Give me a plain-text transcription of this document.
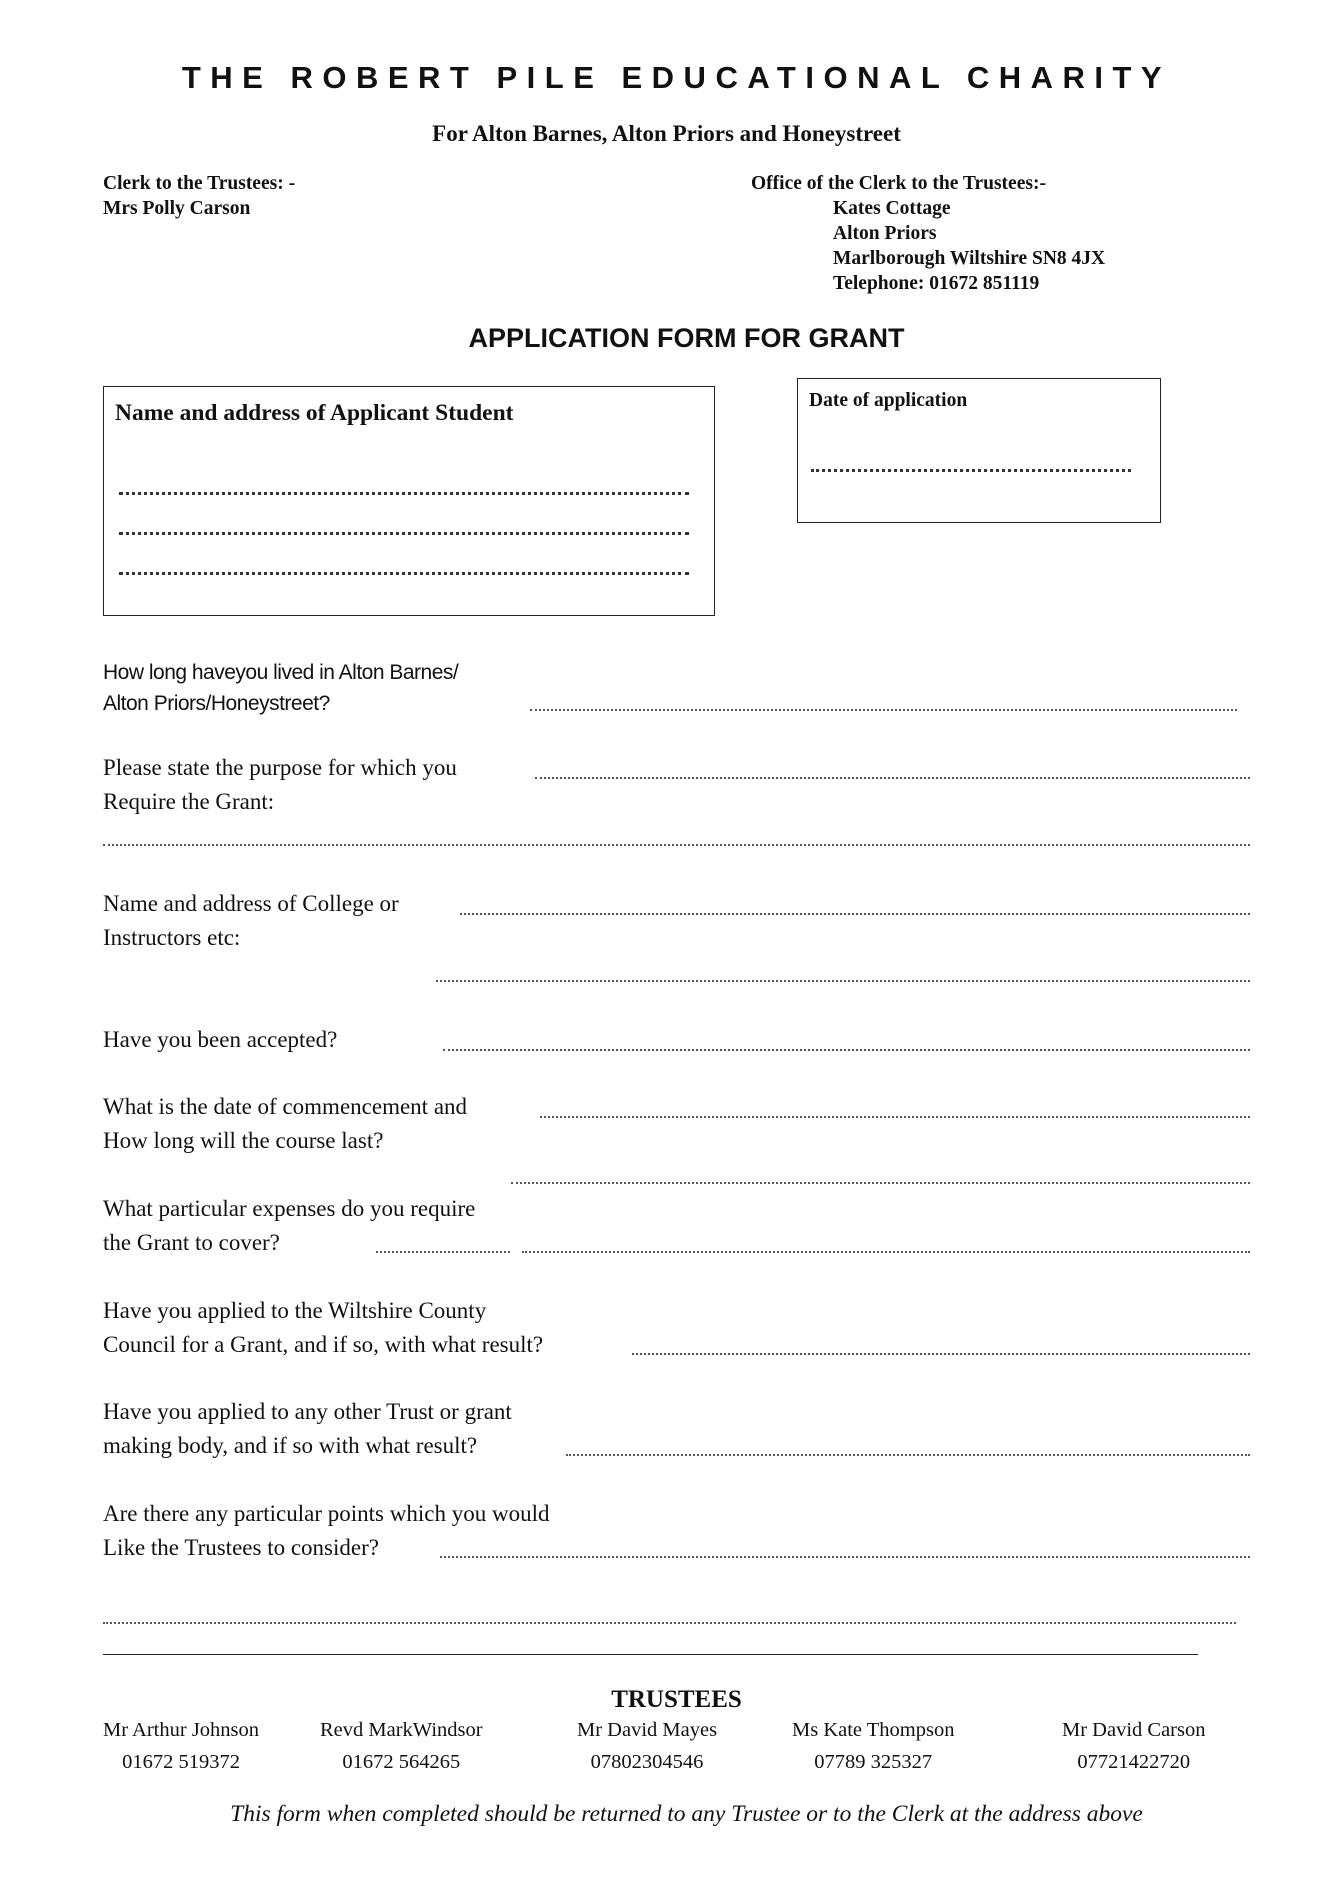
THE ROBERT PILE EDUCATIONAL CHARITY
For Alton Barnes, Alton Priors and Honeystreet
Clerk to the Trustees: -
Mrs Polly Carson
Office of the Clerk to the Trustees:-
Kates Cottage
Alton Priors
Marlborough Wiltshire SN8 4JX
Telephone: 01672 851119
APPLICATION FORM FOR GRANT
Name and address of Applicant Student	Date of application
How long haveyou lived in Alton Barnes/
Alton Priors/Honeystreet?
Please state the purpose for which you
Require the Grant:
Name and address of College or
Instructors etc:
Have you been accepted?
What is the date of commencement and
How long will the course last?
What particular expenses do you require
the Grant to cover?
Have you applied to the Wiltshire County
Council for a Grant, and if so, with what result?
Have you applied to any other Trust or grant
making body, and if so with what result?
Are there any particular points which you would
Like the Trustees to consider?
TRUSTEES
Mr Arthur Johnson
01672 519372
Revd MarkWindsor
01672 564265
Mr David Mayes
07802304546
Ms Kate Thompson
07789 325327
Mr David Carson
07721422720
This form when completed should be returned to any Trustee or to the Clerk at the address above
